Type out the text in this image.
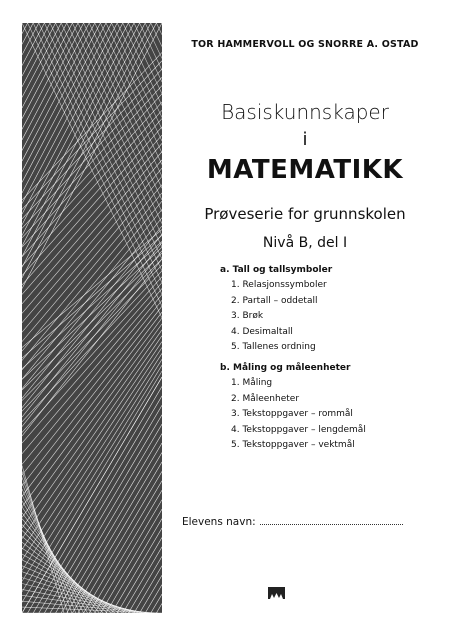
TOR HAMMERVOLL OG SNORRE A. OSTAD
Basiskunnskaper
i
MATEMATIKK
Prøveserie for grunnskolen
Nivå B, del I
a. Tall og tallsymboler
1. Relasjonssymboler
2. Partall – oddetall
3. Brøk
4. Desimaltall
5. Tallenes ordning
b. Måling og måleenheter
1. Måling
2. Måleenheter
3. Tekstoppgaver – rommål
4. Tekstoppgaver – lengdemål
5. Tekstoppgaver – vektmål
Elevens navn:
